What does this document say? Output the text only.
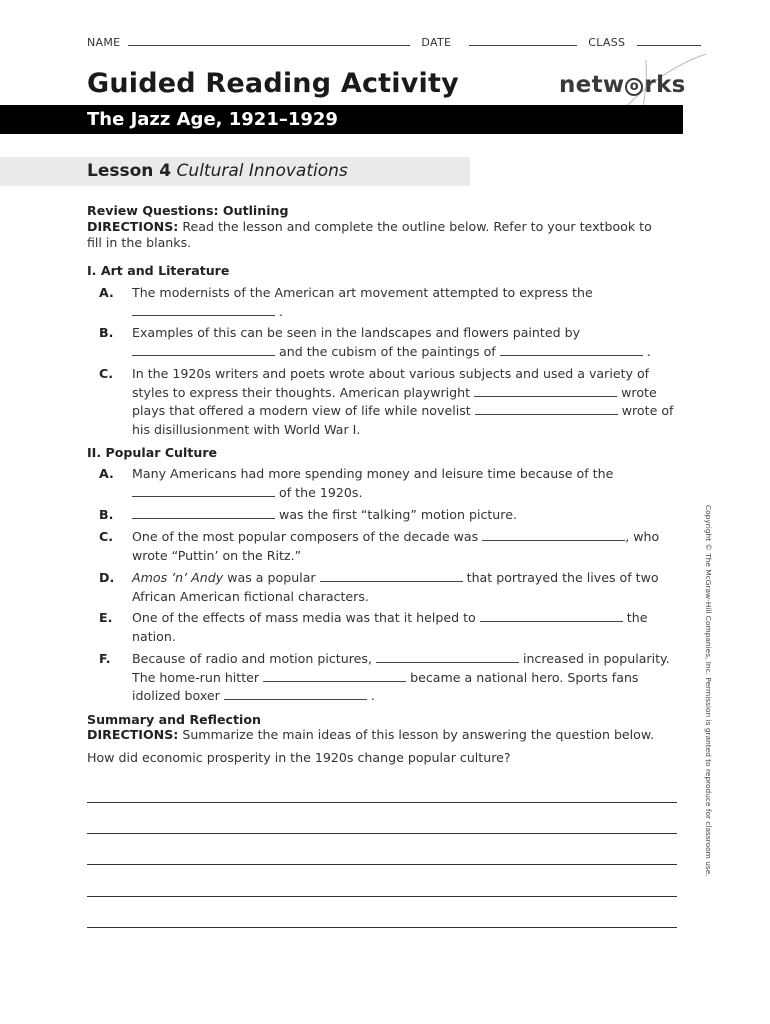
NAME	DATE	CLASS
Guided Reading Activity	netw o rks
The Jazz Age, 1921–1929
Lesson 4 Cultural Innovations
Review Questions: Outlining
DIRECTIONS: Read the lesson and complete the outline below. Refer to your textbook to
fill in the blanks.
I. Art and Literature
A. The modernists of the American art movement attempted to express the
.
B. Examples of this can be seen in the landscapes and flowers painted by
and the cubism of the paintings of	.
C. In the 1920s writers and poets wrote about various subjects and used a variety of
styles to express their thoughts. American playwright	wrote
plays that offered a modern view of life while novelist	wrote of
his disillusionment with World War I.
II. Popular Culture
A. Many Americans had more spending money and leisure time because of the
of the 1920s.
B.	was the first “talking” motion picture.
C. One of the most popular composers of the decade was	, who
wrote “Puttin’ on the Ritz.”
D. Amos ’n’ Andy was a popular	that portrayed the lives of two
African American fictional characters.
E. One of the effects of mass media was that it helped to	the
nation.
F. Because of radio and motion pictures,	increased in popularity.
The home-run hitter	became a national hero. Sports fans
idolized boxer	.
Summary and Reflection
DIRECTIONS: Summarize the main ideas of this lesson by answering the question below.
How did economic prosperity in the 1920s change popular culture?	Copyright © The McGraw-Hill Companies, Inc. Permission is granted to reproduce for classroom use.
